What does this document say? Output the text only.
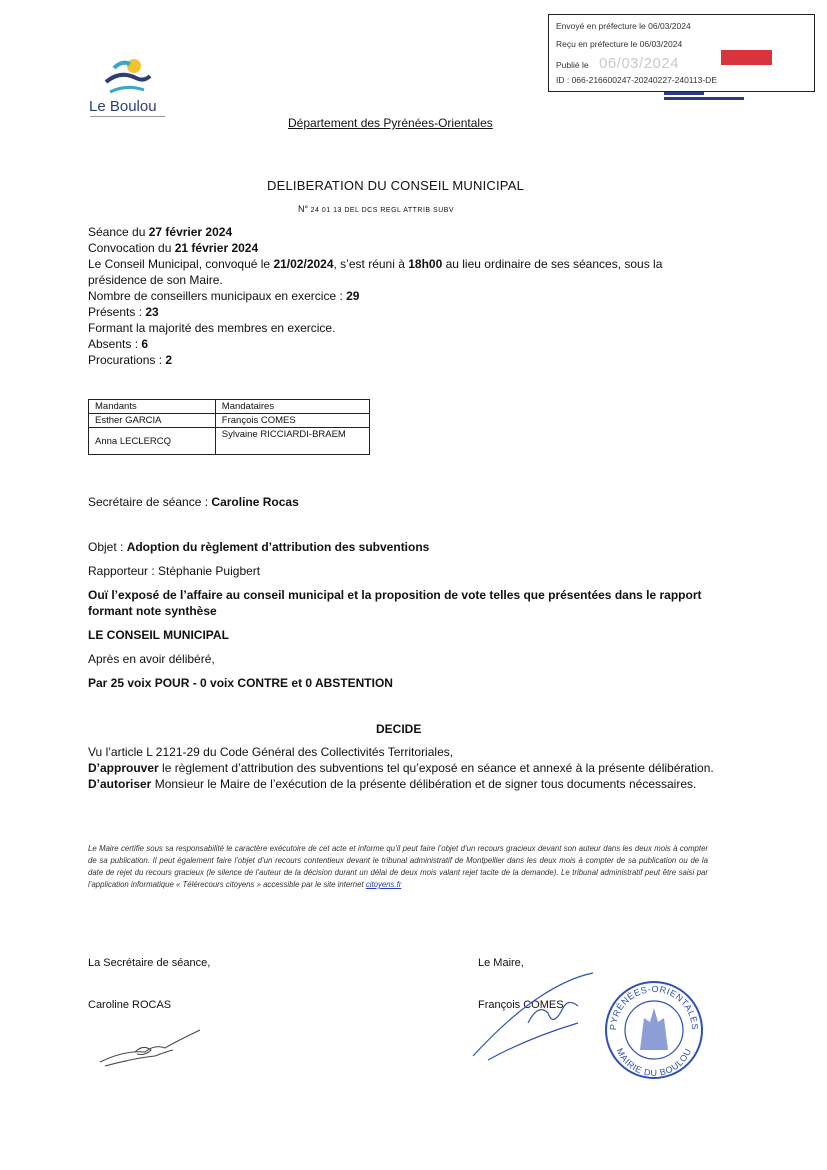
Envoyé en préfecture le 06/03/2024
Reçu en préfecture le 06/03/2024
Publié le 06/03/2024
ID : 066-216600247-20240227-240113-DE
Le Boulou
Département des Pyrénées-Orientales
DELIBERATION DU CONSEIL MUNICIPAL
N° 24 01 13 DEL DCS REGL ATTRIB SUBV
Séance du 27 février 2024
Convocation du 21 février 2024
Le Conseil Municipal, convoqué le 21/02/2024, s’est réuni à 18h00 au lieu ordinaire de ses séances, sous la
présidence de son Maire.
Nombre de conseillers municipaux en exercice : 29
Présents : 23
Formant la majorité des membres en exercice.
Absents : 6
Procurations : 2
Mandants	Mandataires
Esther GARCIA	François COMES
Anna LECLERCQ	Sylvaine RICCIARDI-BRAEM
Secrétaire de séance : Caroline Rocas
Objet : Adoption du règlement d’attribution des subventions
Rapporteur : Stéphanie Puigbert
Ouï l’exposé de l’affaire au conseil municipal et la proposition de vote telles que présentées dans le rapport formant note synthèse
LE CONSEIL MUNICIPAL
Après en avoir délibéré,
Par 25 voix POUR - 0 voix CONTRE et 0 ABSTENTION
DECIDE
Vu l’article L 2121-29 du Code Général des Collectivités Territoriales,
D’approuver le règlement d’attribution des subventions tel qu’exposé en séance et annexé à la présente délibération.
D’autoriser Monsieur le Maire de l’exécution de la présente délibération et de signer tous documents nécessaires.
Le Maire certifie sous sa responsabilité le caractère exécutoire de cet acte et informe qu’il peut faire l’objet d’un recours gracieux devant son auteur dans les deux mois à compter de sa publication. Il peut également faire l’objet d’un recours contentieux devant le tribunal administratif de Montpellier dans les deux mois à compter de sa publication ou de la date de rejet du recours gracieux (le silence de l’auteur de la décision durant un délai de deux mois valant rejet tacite de la demande). Le tribunal administratif peut être saisi par l’application informatique « Télérecours citoyens » accessible par le site internet citoyens.fr
La Secrétaire de séance,
Caroline ROCAS
Le Maire,
François COMES
PYRÉNÉES-ORIENTALES
MAIRIE DU BOULOU
